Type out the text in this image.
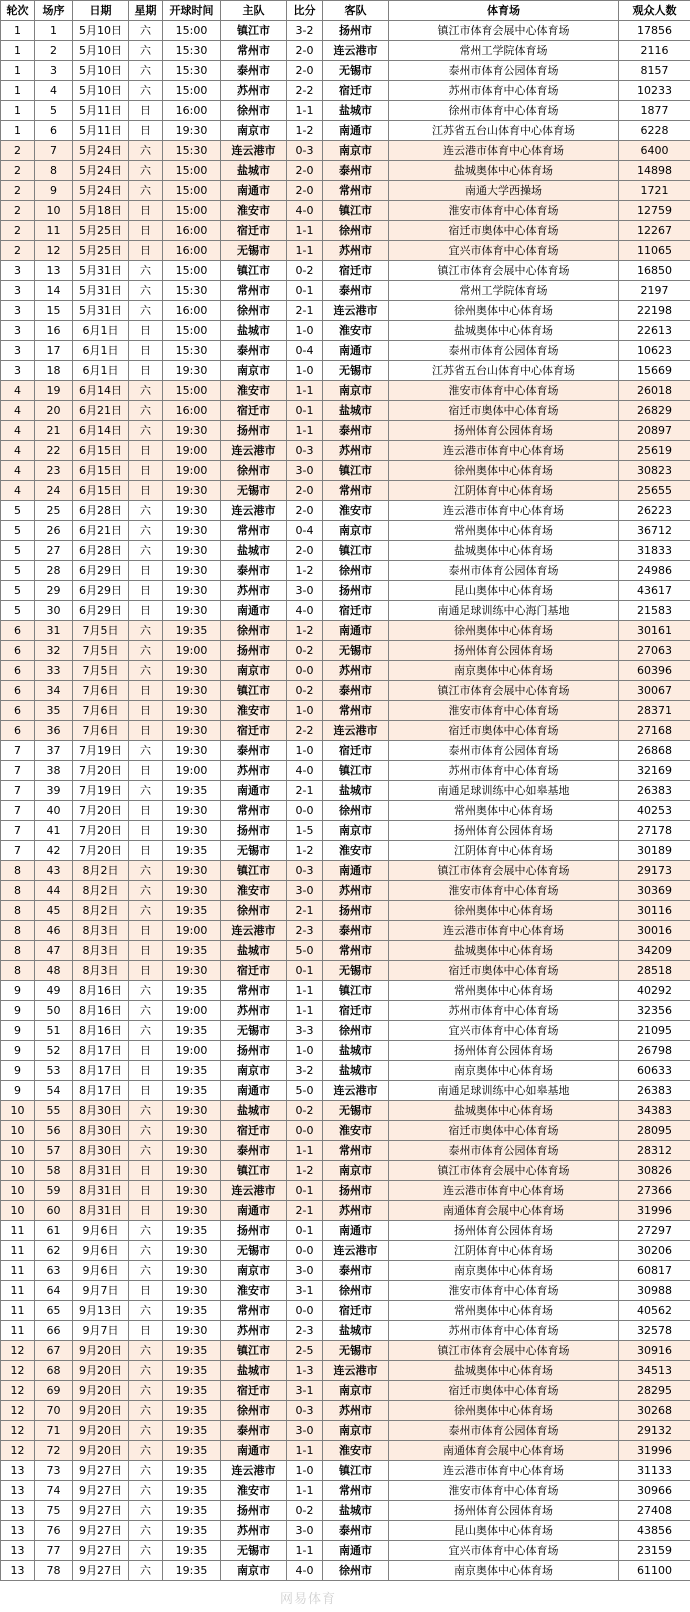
轮次	场序	日期	星期	开球时间	主队	比分	客队	体育场	观众人数
1	1	5月10日	六	15:00	镇江市	3-2	扬州市	镇江市体育会展中心体育场	17856
1	2	5月10日	六	15:30	常州市	2-0	连云港市	常州工学院体育场	2116
1	3	5月10日	六	15:30	泰州市	2-0	无锡市	泰州市体育公园体育场	8157
1	4	5月10日	六	15:00	苏州市	2-2	宿迁市	苏州市体育中心体育场	10233
1	5	5月11日	日	16:00	徐州市	1-1	盐城市	徐州市体育中心体育场	1877
1	6	5月11日	日	19:30	南京市	1-2	南通市	江苏省五台山体育中心体育场	6228
2	7	5月24日	六	15:30	连云港市	0-3	南京市	连云港市体育中心体育场	6400
2	8	5月24日	六	15:00	盐城市	2-0	泰州市	盐城奥体中心体育场	14898
2	9	5月24日	六	15:00	南通市	2-0	常州市	南通大学西操场	1721
2	10	5月18日	日	15:00	淮安市	4-0	镇江市	淮安市体育中心体育场	12759
2	11	5月25日	日	16:00	宿迁市	1-1	徐州市	宿迁市奥体中心体育场	12267
2	12	5月25日	日	16:00	无锡市	1-1	苏州市	宜兴市体育中心体育场	11065
3	13	5月31日	六	15:00	镇江市	0-2	宿迁市	镇江市体育会展中心体育场	16850
3	14	5月31日	六	15:30	常州市	0-1	泰州市	常州工学院体育场	2197
3	15	5月31日	六	16:00	徐州市	2-1	连云港市	徐州奥体中心体育场	22198
3	16	6月1日	日	15:00	盐城市	1-0	淮安市	盐城奥体中心体育场	22613
3	17	6月1日	日	15:30	泰州市	0-4	南通市	泰州市体育公园体育场	10623
3	18	6月1日	日	19:30	南京市	1-0	无锡市	江苏省五台山体育中心体育场	15669
4	19	6月14日	六	15:00	淮安市	1-1	南京市	淮安市体育中心体育场	26018
4	20	6月21日	六	16:00	宿迁市	0-1	盐城市	宿迁市奥体中心体育场	26829
4	21	6月14日	六	19:30	扬州市	1-1	泰州市	扬州体育公园体育场	20897
4	22	6月15日	日	19:00	连云港市	0-3	苏州市	连云港市体育中心体育场	25619
4	23	6月15日	日	19:00	徐州市	3-0	镇江市	徐州奥体中心体育场	30823
4	24	6月15日	日	19:30	无锡市	2-0	常州市	江阴体育中心体育场	25655
5	25	6月28日	六	19:30	连云港市	2-0	淮安市	连云港市体育中心体育场	26223
5	26	6月21日	六	19:30	常州市	0-4	南京市	常州奥体中心体育场	36712
5	27	6月28日	六	19:30	盐城市	2-0	镇江市	盐城奥体中心体育场	31833
5	28	6月29日	日	19:30	泰州市	1-2	徐州市	泰州市体育公园体育场	24986
5	29	6月29日	日	19:30	苏州市	3-0	扬州市	昆山奥体中心体育场	43617
5	30	6月29日	日	19:30	南通市	4-0	宿迁市	南通足球训练中心海门基地	21583
6	31	7月5日	六	19:35	徐州市	1-2	南通市	徐州奥体中心体育场	30161
6	32	7月5日	六	19:00	扬州市	0-2	无锡市	扬州体育公园体育场	27063
6	33	7月5日	六	19:30	南京市	0-0	苏州市	南京奥体中心体育场	60396
6	34	7月6日	日	19:30	镇江市	0-2	泰州市	镇江市体育会展中心体育场	30067
6	35	7月6日	日	19:30	淮安市	1-0	常州市	淮安市体育中心体育场	28371
6	36	7月6日	日	19:30	宿迁市	2-2	连云港市	宿迁市奥体中心体育场	27168
7	37	7月19日	六	19:30	泰州市	1-0	宿迁市	泰州市体育公园体育场	26868
7	38	7月20日	日	19:00	苏州市	4-0	镇江市	苏州市体育中心体育场	32169
7	39	7月19日	六	19:35	南通市	2-1	盐城市	南通足球训练中心如皋基地	26383
7	40	7月20日	日	19:30	常州市	0-0	徐州市	常州奥体中心体育场	40253
7	41	7月20日	日	19:30	扬州市	1-5	南京市	扬州体育公园体育场	27178
7	42	7月20日	日	19:35	无锡市	1-2	淮安市	江阴体育中心体育场	30189
8	43	8月2日	六	19:30	镇江市	0-3	南通市	镇江市体育会展中心体育场	29173
8	44	8月2日	六	19:30	淮安市	3-0	苏州市	淮安市体育中心体育场	30369
8	45	8月2日	六	19:35	徐州市	2-1	扬州市	徐州奥体中心体育场	30116
8	46	8月3日	日	19:00	连云港市	2-3	泰州市	连云港市体育中心体育场	30016
8	47	8月3日	日	19:35	盐城市	5-0	常州市	盐城奥体中心体育场	34209
8	48	8月3日	日	19:30	宿迁市	0-1	无锡市	宿迁市奥体中心体育场	28518
9	49	8月16日	六	19:35	常州市	1-1	镇江市	常州奥体中心体育场	40292
9	50	8月16日	六	19:00	苏州市	1-1	宿迁市	苏州市体育中心体育场	32356
9	51	8月16日	六	19:35	无锡市	3-3	徐州市	宜兴市体育中心体育场	21095
9	52	8月17日	日	19:00	扬州市	1-0	盐城市	扬州体育公园体育场	26798
9	53	8月17日	日	19:35	南京市	3-2	盐城市	南京奥体中心体育场	60633
9	54	8月17日	日	19:35	南通市	5-0	连云港市	南通足球训练中心如皋基地	26383
10	55	8月30日	六	19:30	盐城市	0-2	无锡市	盐城奥体中心体育场	34383
10	56	8月30日	六	19:30	宿迁市	0-0	淮安市	宿迁市奥体中心体育场	28095
10	57	8月30日	六	19:30	泰州市	1-1	常州市	泰州市体育公园体育场	28312
10	58	8月31日	日	19:30	镇江市	1-2	南京市	镇江市体育会展中心体育场	30826
10	59	8月31日	日	19:30	连云港市	0-1	扬州市	连云港市体育中心体育场	27366
10	60	8月31日	日	19:30	南通市	2-1	苏州市	南通体育会展中心体育场	31996
11	61	9月6日	六	19:35	扬州市	0-1	南通市	扬州体育公园体育场	27297
11	62	9月6日	六	19:30	无锡市	0-0	连云港市	江阴体育中心体育场	30206
11	63	9月6日	六	19:30	南京市	3-0	泰州市	南京奥体中心体育场	60817
11	64	9月7日	日	19:30	淮安市	3-1	徐州市	淮安市体育中心体育场	30988
11	65	9月13日	六	19:35	常州市	0-0	宿迁市	常州奥体中心体育场	40562
11	66	9月7日	日	19:30	苏州市	2-3	盐城市	苏州市体育中心体育场	32578
12	67	9月20日	六	19:35	镇江市	2-5	无锡市	镇江市体育会展中心体育场	30916
12	68	9月20日	六	19:35	盐城市	1-3	连云港市	盐城奥体中心体育场	34513
12	69	9月20日	六	19:35	宿迁市	3-1	南京市	宿迁市奥体中心体育场	28295
12	70	9月20日	六	19:35	徐州市	0-3	苏州市	徐州奥体中心体育场	30268
12	71	9月20日	六	19:35	泰州市	3-0	南京市	泰州市体育公园体育场	29132
12	72	9月20日	六	19:35	南通市	1-1	淮安市	南通体育会展中心体育场	31996
13	73	9月27日	六	19:35	连云港市	1-0	镇江市	连云港市体育中心体育场	31133
13	74	9月27日	六	19:35	淮安市	1-1	常州市	淮安市体育中心体育场	30966
13	75	9月27日	六	19:35	扬州市	0-2	盐城市	扬州体育公园体育场	27408
13	76	9月27日	六	19:35	苏州市	3-0	泰州市	昆山奥体中心体育场	43856
13	77	9月27日	六	19:35	无锡市	1-1	南通市	宜兴市体育中心体育场	23159
13	78	9月27日	六	19:35	南京市	4-0	徐州市	南京奥体中心体育场	61100
网易体育
